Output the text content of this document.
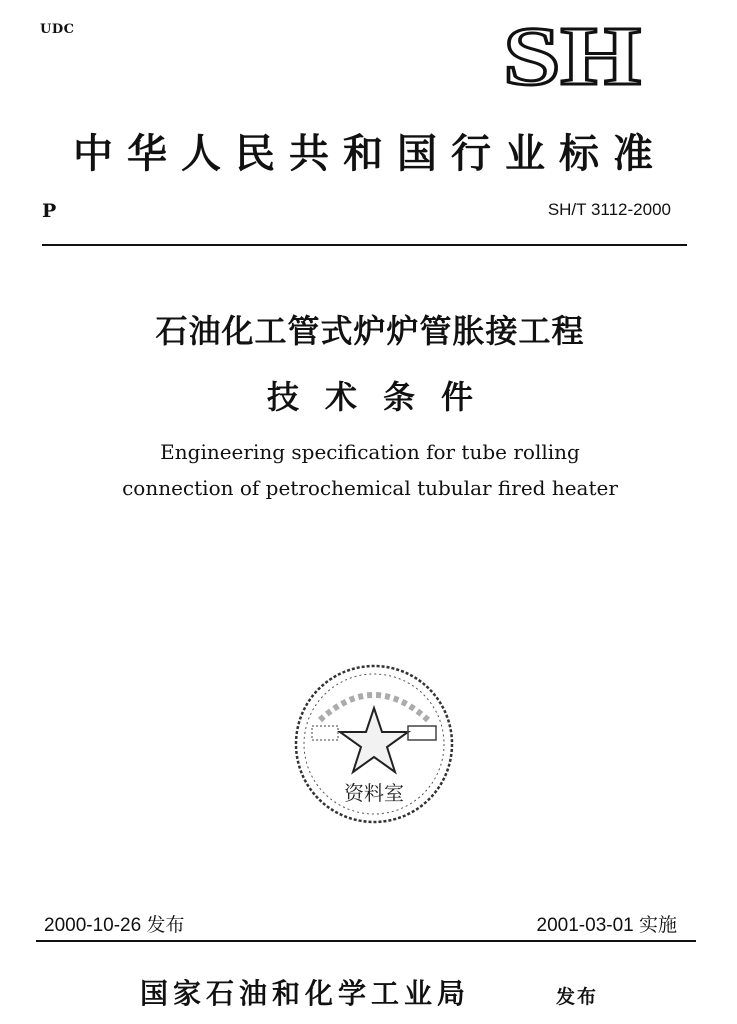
UDC	SH
中华人民共和国行业标准
P	SH/T 3112-2000
石油化工管式炉炉管胀接工程
技术条件
Engineering specification for tube rolling
connection of petrochemical tubular fired heater
资料室
2000-10-26 发布	2001-03-01 实施
国家石油和化学工业局	发布
